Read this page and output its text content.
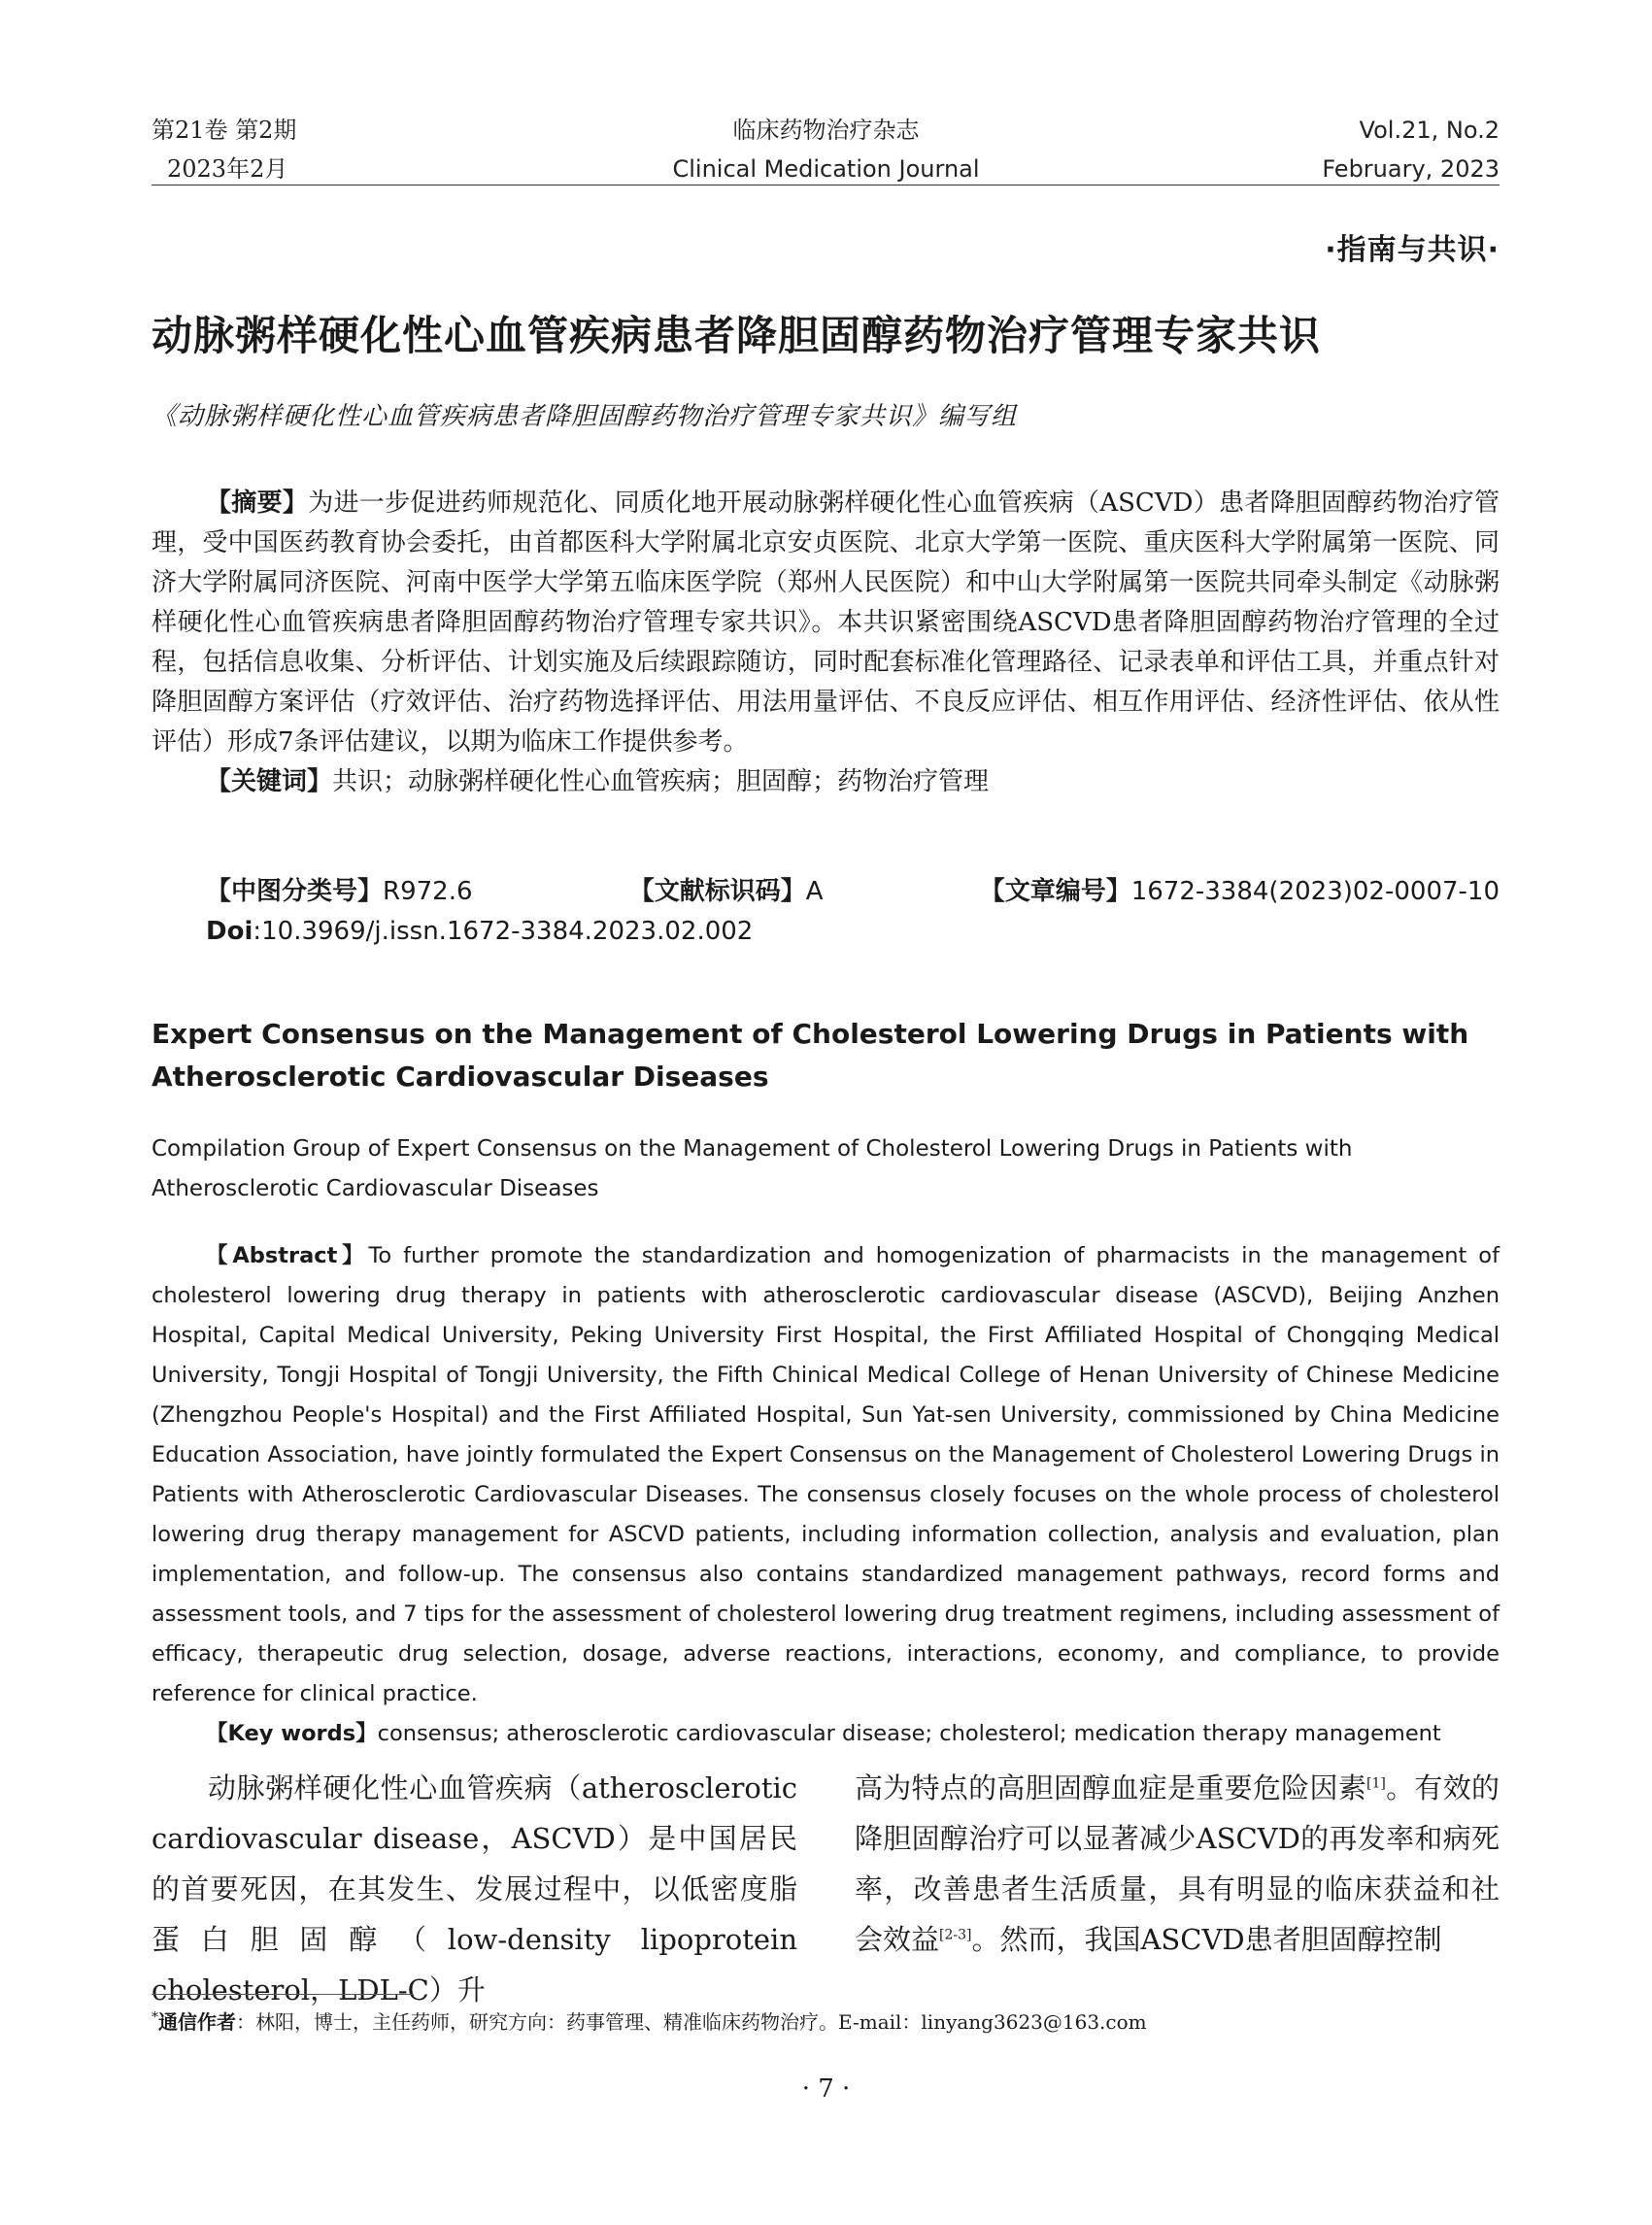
第21卷 第2期
2023年2月
临床药物治疗杂志
Clinical Medication Journal
Vol.21, No.2
February, 2023
·指南与共识·
动脉粥样硬化性心血管疾病患者降胆固醇药物治疗管理专家共识
《动脉粥样硬化性心血管疾病患者降胆固醇药物治疗管理专家共识》编写组

【摘要】为进一步促进药师规范化、同质化地开展动脉粥样硬化性心血管疾病（ASCVD）患者降胆固醇药物治疗管理，受中国医药教育协会委托，由首都医科大学附属北京安贞医院、北京大学第一医院、重庆医科大学附属第一医院、同济大学附属同济医院、河南中医学大学第五临床医学院（郑州人民医院）和中山大学附属第一医院共同牵头制定《动脉粥样硬化性心血管疾病患者降胆固醇药物治疗管理专家共识》。本共识紧密围绕ASCVD患者降胆固醇药物治疗管理的全过程，包括信息收集、分析评估、计划实施及后续跟踪随访，同时配套标准化管理路径、记录表单和评估工具，并重点针对降胆固醇方案评估（疗效评估、治疗药物选择评估、用法用量评估、不良反应评估、相互作用评估、经济性评估、依从性评估）形成7条评估建议，以期为临床工作提供参考。

【关键词】共识；动脉粥样硬化性心血管疾病；胆固醇；药物治疗管理

【中图分类号】R972.6	【文献标识码】A	【文章编号】1672-3384(2023)02-0007-10
Doi:10.3969/j.issn.1672-3384.2023.02.002
Expert Consensus on the Management of Cholesterol Lowering Drugs in Patients with Atherosclerotic Cardiovascular Diseases
Compilation Group of Expert Consensus on the Management of Cholesterol Lowering Drugs in Patients with Atherosclerotic Cardiovascular Diseases

【Abstract】To further promote the standardization and homogenization of pharmacists in the management of cholesterol lowering drug therapy in patients with atherosclerotic cardiovascular disease (ASCVD), Beijing Anzhen Hospital, Capital Medical University, Peking University First Hospital, the First Affiliated Hospital of Chongqing Medical University, Tongji Hospital of Tongji University, the Fifth Chinical Medical College of Henan University of Chinese Medicine (Zhengzhou People's Hospital) and the First Affiliated Hospital, Sun Yat-sen University, commissioned by China Medicine Education Association, have jointly formulated the Expert Consensus on the Management of Cholesterol Lowering Drugs in Patients with Atherosclerotic Cardiovascular Diseases. The consensus closely focuses on the whole process of cholesterol lowering drug therapy management for ASCVD patients, including information collection, analysis and evaluation, plan implementation, and follow-up. The consensus also contains standardized management pathways, record forms and assessment tools, and 7 tips for the assessment of cholesterol lowering drug treatment regimens, including assessment of efficacy, therapeutic drug selection, dosage, adverse reactions, interactions, economy, and compliance, to provide reference for clinical practice.

【Key words】consensus; atherosclerotic cardiovascular disease; cholesterol; medication therapy management

动脉粥样硬化性心血管疾病（atherosclerotic cardiovascular disease，ASCVD）是中国居民的首要死因，在其发生、发展过程中，以低密度脂蛋白胆固醇（low-density lipoprotein cholesterol，LDL-C）升

高为特点的高胆固醇血症是重要危险因素[1]。有效的降胆固醇治疗可以显著减少ASCVD的再发率和病死率，改善患者生活质量，具有明显的临床获益和社会效益[2-3]。然而，我国ASCVD患者胆固醇控制

*通信作者：林阳，博士，主任药师，研究方向：药事管理、精准临床药物治疗。E-mail：linyang3623@163.com
· 7 ·
